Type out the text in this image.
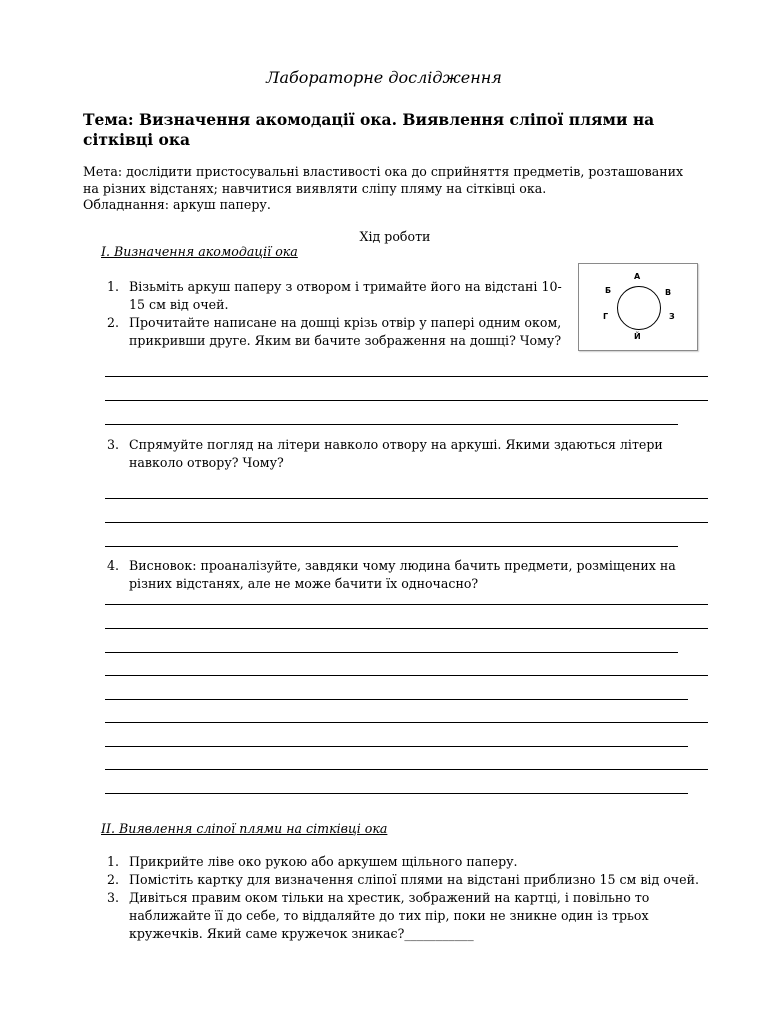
Лабораторне дослідження
Тема: Визначення акомодації ока. Виявлення сліпої плями на сітківці ока
Мета: дослідити пристосувальні властивості ока до сприйняття предметів, розташованих на різних відстанях; навчитися виявляти сліпу пляму на сітківці ока.
Обладнання: аркуш паперу.
Хід роботи
I. Визначення акомодації ока
1. Візьміть аркуш паперу з отвором і тримайте його на відстані 10-15 см від очей.
2. Прочитайте написане на дошці крізь отвір у папері одним оком, прикривши друге. Яким ви бачите зображення на дошці? Чому?
А
Б	В
Г	З
Й
3. Спрямуйте погляд на літери навколо отвору на аркуші. Якими здаються літери навколо отвору? Чому?
4. Висновок: проаналізуйте, завдяки чому людина бачить предмети, розміщених на різних відстанях, але не може бачити їх одночасно?
II. Виявлення сліпої плями на сітківці ока
1. Прикрийте ліве око рукою або аркушем щільного паперу.
2. Помістіть картку для визначення сліпої плями на відстані приблизно 15 см від очей.
3. Дивіться правим оком тільки на хрестик, зображений на картці, і повільно то наближайте її до себе, то віддаляйте до тих пір, поки не зникне один із трьох кружечків. Який саме кружечок зникає?___________
